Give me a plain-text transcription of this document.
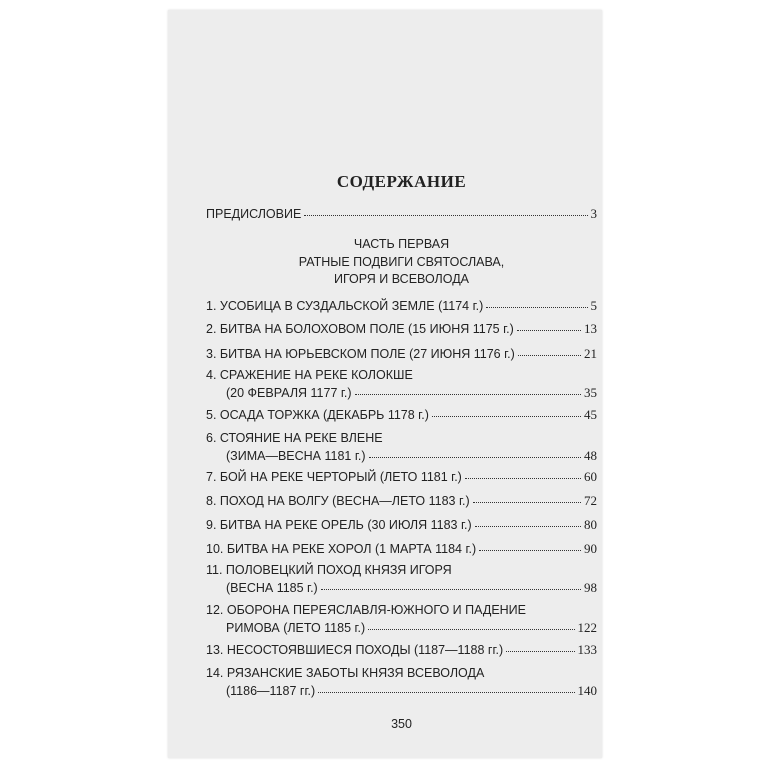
СОДЕРЖАНИЕ
ПРЕДИСЛОВИЕ	3
ЧАСТЬ ПЕРВАЯ
РАТНЫЕ ПОДВИГИ СВЯТОСЛАВА,
ИГОРЯ И ВСЕВОЛОДА
1. УСОБИЦА В СУЗДАЛЬСКОЙ ЗЕМЛЕ (1174 г.)	5
2. БИТВА НА БОЛОХОВОМ ПОЛЕ (15 ИЮНЯ 1175 г.)	13
3. БИТВА НА ЮРЬЕВСКОМ ПОЛЕ (27 ИЮНЯ 1176 г.)	21
4. СРАЖЕНИЕ НА РЕКЕ КОЛОКШЕ
(20 ФЕВРАЛЯ 1177 г.)	35
5. ОСАДА ТОРЖКА (ДЕКАБРЬ 1178 г.)	45
6. СТОЯНИЕ НА РЕКЕ ВЛЕНЕ
(ЗИМА—ВЕСНА 1181 г.)	48
7. БОЙ НА РЕКЕ ЧЕРТОРЫЙ (ЛЕТО 1181 г.)	60
8. ПОХОД НА ВОЛГУ (ВЕСНА—ЛЕТО 1183 г.)	72
9. БИТВА НА РЕКЕ ОРЕЛЬ (30 ИЮЛЯ 1183 г.)	80
10. БИТВА НА РЕКЕ ХОРОЛ (1 МАРТА 1184 г.)	90
11. ПОЛОВЕЦКИЙ ПОХОД КНЯЗЯ ИГОРЯ
(ВЕСНА 1185 г.)	98
12. ОБОРОНА ПЕРЕЯСЛАВЛЯ-ЮЖНОГО И ПАДЕНИЕ
РИМОВА (ЛЕТО 1185 г.)	122
13. НЕСОСТОЯВШИЕСЯ ПОХОДЫ (1187—1188 гг.)	133
14. РЯЗАНСКИЕ ЗАБОТЫ КНЯЗЯ ВСЕВОЛОДА
(1186—1187 гг.)	140
350
